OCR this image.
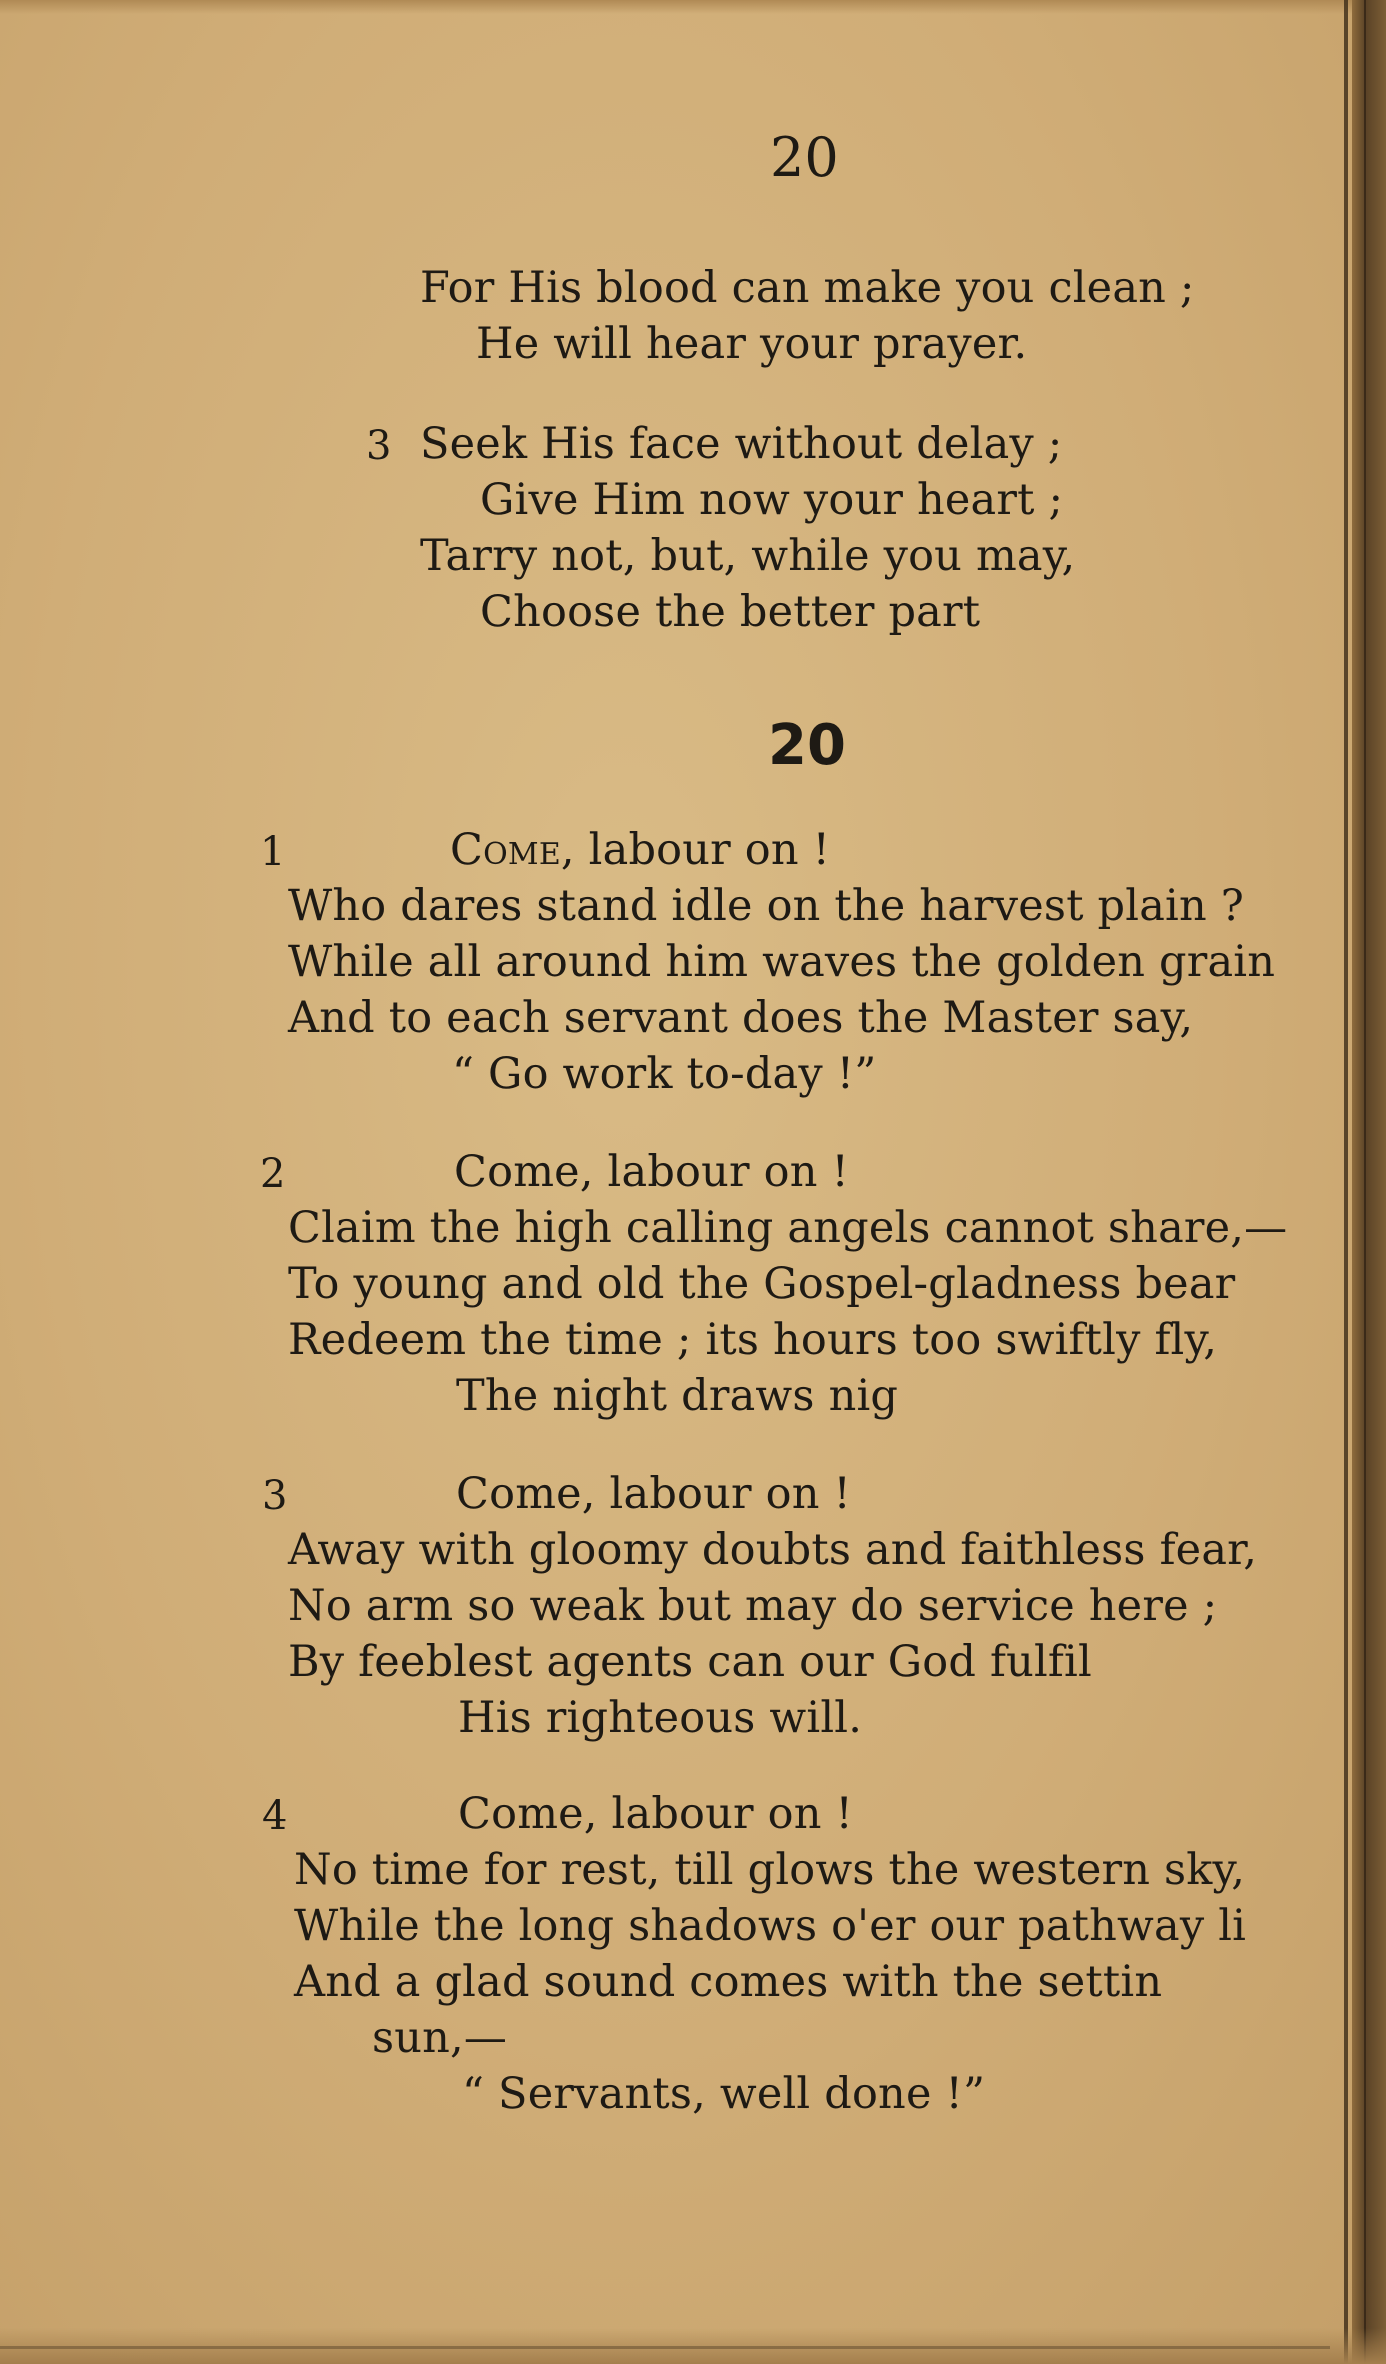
20
For His blood can make you clean ;
He will hear your prayer.
3 Seek His face without delay ;
Give Him now your heart ;
Tarry not, but, while you may,
Choose the better part
20
1	Come, labour on !
Who dares stand idle on the harvest plain ?
While all around him waves the golden grain
And to each servant does the Master say,
“ Go work to-day !”
2	Come, labour on !
Claim the high calling angels cannot share,—
To young and old the Gospel-gladness bear
Redeem the time ; its hours too swiftly fly,
The night draws nig
3	Come, labour on !
Away with gloomy doubts and faithless fear,
No arm so weak but may do service here ;
By feeblest agents can our God fulfil
His righteous will.
4	Come, labour on !
No time for rest, till glows the western sky,
While the long shadows o'er our pathway li
And a glad sound comes with the settin
sun,—
“ Servants, well done !”
